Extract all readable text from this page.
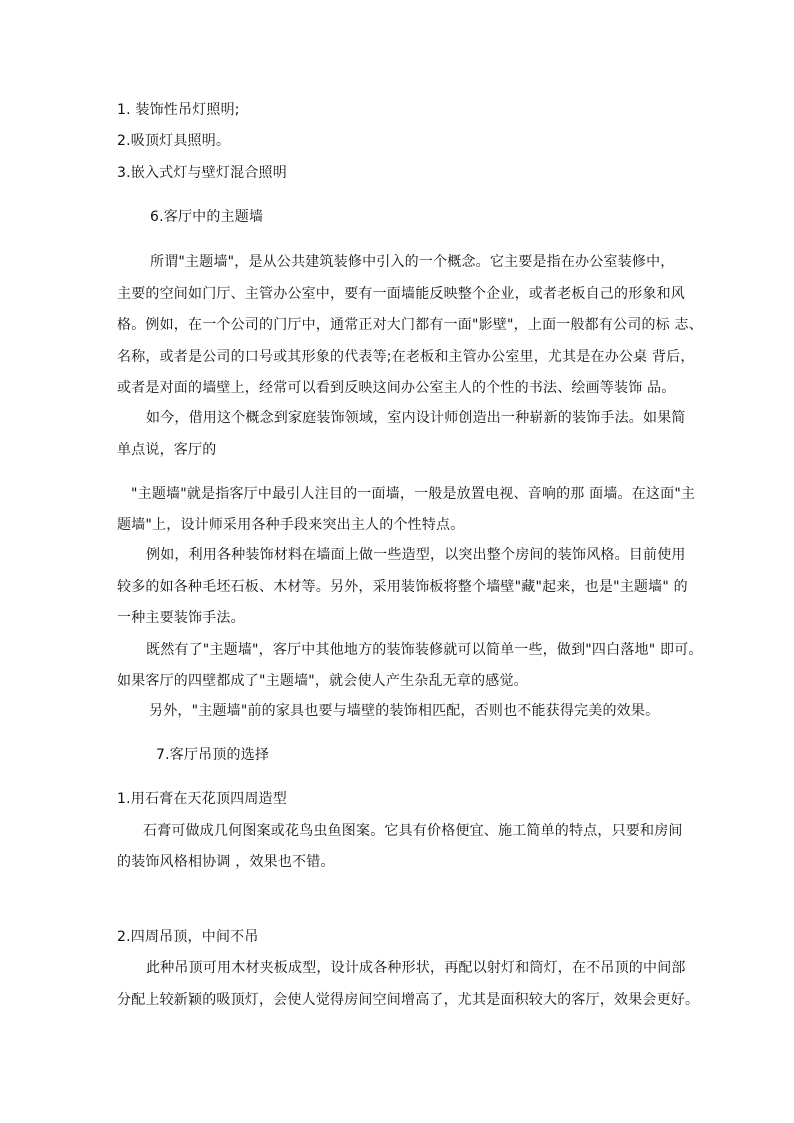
1. 装饰性吊灯照明;
2.吸顶灯具照明。
3.嵌入式灯与壁灯混合照明
6.客厅中的主题墙
所谓"主题墙"，是从公共建筑装修中引入的一个概念。它主要是指在办公室装修中，
主要的空间如门厅、主管办公室中，要有一面墙能反映整个企业，或者老板自己的形象和风
格。例如，在一个公司的门厅中，通常正对大门都有一面"影壁"，上面一般都有公司的标 志、
名称，或者是公司的口号或其形象的代表等;在老板和主管办公室里，尤其是在办公桌 背后，
或者是对面的墙壁上，经常可以看到反映这间办公室主人的个性的书法、绘画等装饰 品。
如今，借用这个概念到家庭装饰领域，室内设计师创造出一种崭新的装饰手法。如果简
单点说，客厅的
"主题墙"就是指客厅中最引人注目的一面墙，一般是放置电视、音响的那 面墙。在这面"主
题墙"上，设计师采用各种手段来突出主人的个性特点。
例如，利用各种装饰材料在墙面上做一些造型，以突出整个房间的装饰风格。目前使用
较多的如各种毛坯石板、木材等。另外，采用装饰板将整个墙壁"藏"起来，也是"主题墙" 的
一种主要装饰手法。
既然有了"主题墙"，客厅中其他地方的装饰装修就可以简单一些，做到"四白落地" 即可。
如果客厅的四壁都成了"主题墙"，就会使人产生杂乱无章的感觉。
另外，"主题墙"前的家具也要与墙壁的装饰相匹配，否则也不能获得完美的效果。
7.客厅吊顶的选择
1.用石膏在天花顶四周造型
石膏可做成几何图案或花鸟虫鱼图案。它具有价格便宜、施工简单的特点，只要和房间
的装饰风格相协调 ，效果也不错。
2.四周吊顶，中间不吊
此种吊顶可用木材夹板成型，设计成各种形状，再配以射灯和筒灯，在不吊顶的中间部
分配上较新颖的吸顶灯，会使人觉得房间空间增高了，尤其是面积较大的客厅，效果会更好。
